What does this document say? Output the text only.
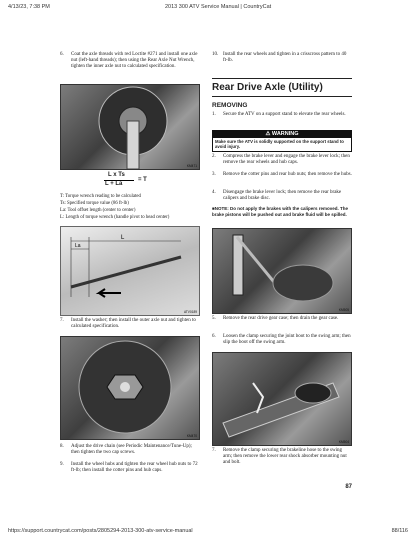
4/13/23, 7:38 PM	2013 300 ATV Service Manual | CountryCat
6. Coat the axle threads with red Loctite #271 and install one axle nut (left-hand threads); then using the Rear Axle Nut Wrench, tighten the inner axle nut to calculated specification.
KM471
L x Ts
L + La
= T
T: Torque wrench reading to be calculated
Ts: Specified torque value (86 ft-lb)
La: Tool offset length (center to center)
L: Length of torque wrench (handle pivot to head center)
L
La
ATV0189
7. Install the washer; then install the outer axle nut and tighten to calculated specification.
KM470
8. Adjust the drive chain (see Periodic Maintenance/Tune-Up); then tighten the two cap screws.
9. Install the wheel hubs and tighten the rear wheel hub nuts to 72 ft-lb; then install the cotter pins and hub caps.
10. Install the rear wheels and tighten in a crisscross pattern to 40 ft-lb.
Rear Drive Axle (Utility)
REMOVING
1. Secure the ATV on a support stand to elevate the rear wheels.
⚠ WARNING
Make sure the ATV is solidly supported on the support stand to avoid injury.
2. Compress the brake lever and engage the brake lever lock; then remove the rear wheels and hub caps.
3. Remove the cotter pins and rear hub nuts; then remove the hubs.
4. Disengage the brake lever lock; then remove the rear brake calipers and brake disc.
■NOTE: Do not apply the brakes with the calipers removed. The brake pistons will be pushed out and brake fluid will be spilled.
KM505
5. Remove the rear drive gear case; then drain the gear case.
6. Loosen the clamp securing the joint boot to the swing arm; then slip the boot off the swing arm.
KM504
7. Remove the clamp securing the brakeline hose to the swing arm; then remove the lower rear shock absorber mounting nut and bolt.
87
https://support.countrycat.com/posts/2805294-2013-300-atv-service-manual	88/116
